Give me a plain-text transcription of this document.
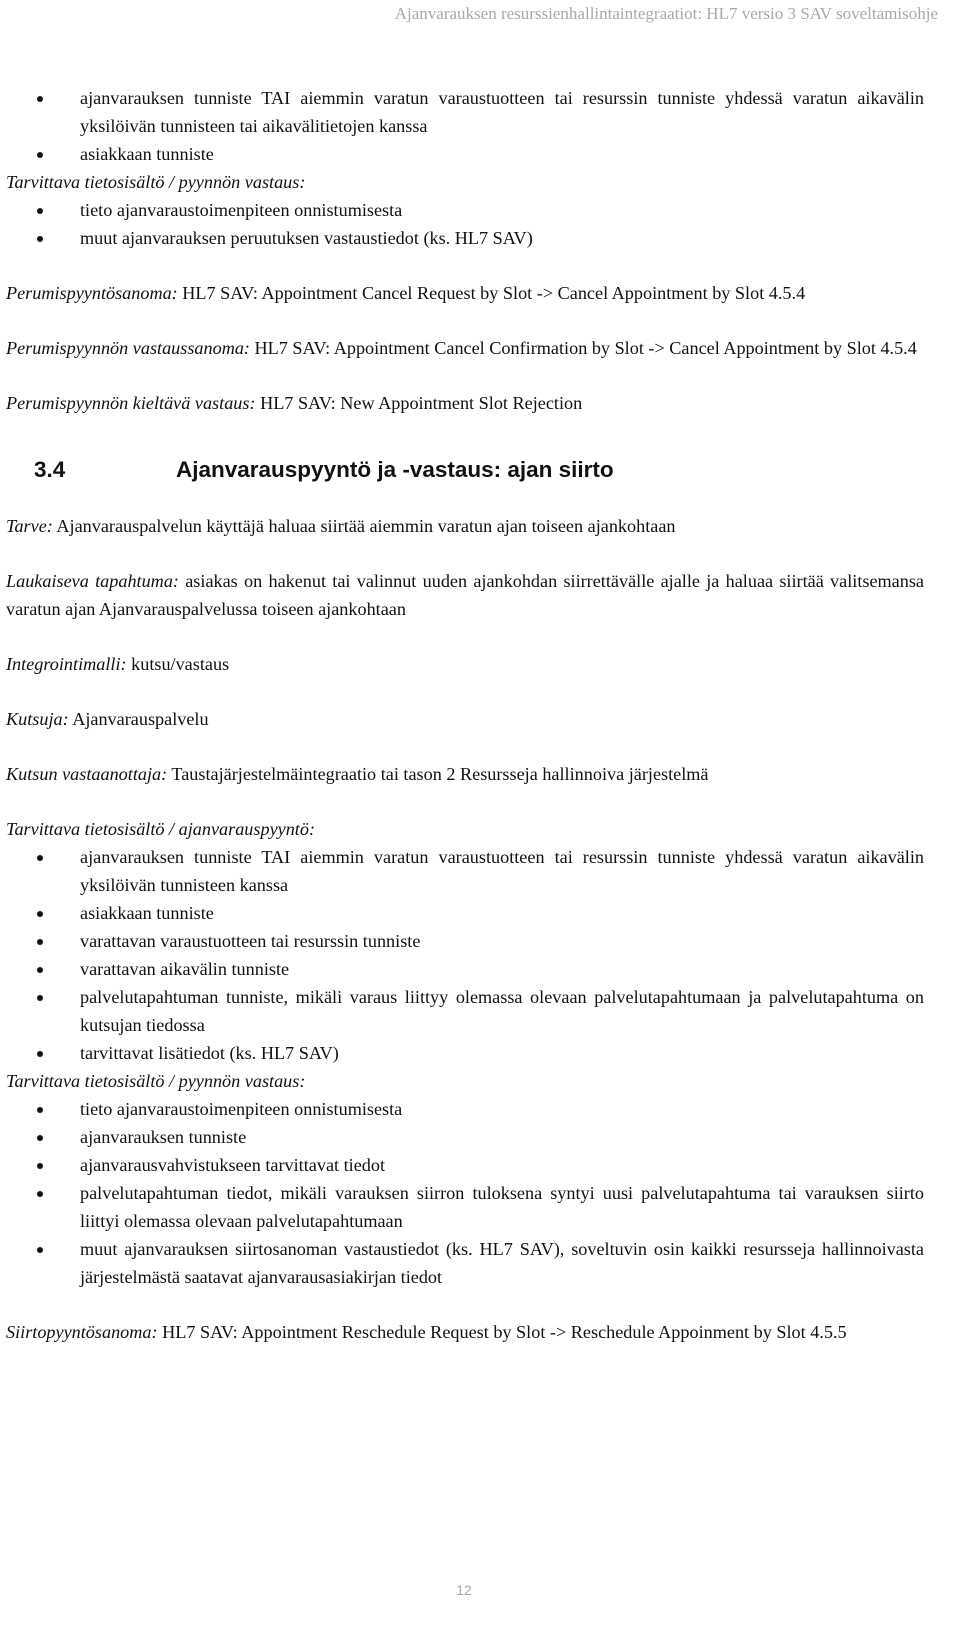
Ajanvarauksen resurssienhallintaintegraatiot: HL7 versio 3 SAV soveltamisohje
ajanvarauksen tunniste TAI aiemmin varatun varaustuotteen tai resurssin tunniste yhdessä varatun aikavälin yksilöivän tunnisteen tai aikavälitietojen kanssa
asiakkaan tunniste

Tarvittava tietosisältö / pyynnön vastaus:

tieto ajanvaraustoimenpiteen onnistumisesta
muut ajanvarauksen peruutuksen vastaustiedot (ks. HL7 SAV)

Perumispyyntösanoma: HL7 SAV: Appointment Cancel Request by Slot -> Cancel Appointment by Slot 4.5.4

Perumispyynnön vastaussanoma: HL7 SAV: Appointment Cancel Confirmation by Slot -> Cancel Appointment by Slot 4.5.4

Perumispyynnön kieltävä vastaus: HL7 SAV: New Appointment Slot Rejection

3.4	Ajanvarauspyyntö ja -vastaus: ajan siirto

Tarve: Ajanvarauspalvelun käyttäjä haluaa siirtää aiemmin varatun ajan toiseen ajankohtaan

Laukaiseva tapahtuma: asiakas on hakenut tai valinnut uuden ajankohdan siirrettävälle ajalle ja haluaa siirtää valitsemansa varatun ajan Ajanvarauspalvelussa toiseen ajankohtaan

Integrointimalli: kutsu/vastaus

Kutsuja: Ajanvarauspalvelu

Kutsun vastaanottaja: Taustajärjestelmäintegraatio tai tason 2 Resursseja hallinnoiva järjestelmä

Tarvittava tietosisältö / ajanvarauspyyntö:

ajanvarauksen tunniste TAI aiemmin varatun varaustuotteen tai resurssin tunniste yhdessä varatun aikavälin yksilöivän tunnisteen kanssa
asiakkaan tunniste
varattavan varaustuotteen tai resurssin tunniste
varattavan aikavälin tunniste
palvelutapahtuman tunniste, mikäli varaus liittyy olemassa olevaan palvelutapahtumaan ja palvelutapahtuma on kutsujan tiedossa
tarvittavat lisätiedot (ks. HL7 SAV)

Tarvittava tietosisältö / pyynnön vastaus:

tieto ajanvaraustoimenpiteen onnistumisesta
ajanvarauksen tunniste
ajanvarausvahvistukseen tarvittavat tiedot
palvelutapahtuman tiedot, mikäli varauksen siirron tuloksena syntyi uusi palvelutapahtuma tai varauksen siirto liittyi olemassa olevaan palvelutapahtumaan
muut ajanvarauksen siirtosanoman vastaustiedot (ks. HL7 SAV), soveltuvin osin kaikki resursseja hallinnoivasta järjestelmästä saatavat ajanvarausasiakirjan tiedot

Siirtopyyntösanoma: HL7 SAV: Appointment Reschedule Request by Slot -> Reschedule Appoinment by Slot 4.5.5

12
